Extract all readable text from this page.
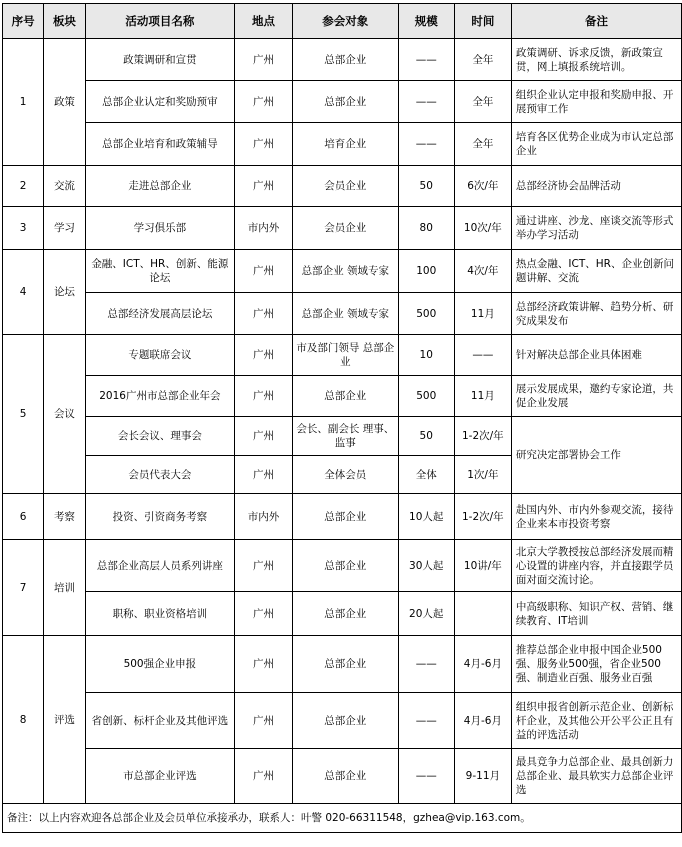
序号	板块	活动项目名称	地点	参会对象	规模	时间	备注
1	政策	政策调研和宣贯	广州	总部企业	——	全年	政策调研、诉求反馈，新政策宣贯，网上填报系统培训。
		总部企业认定和奖励预审	广州	总部企业	——	全年	组织企业认定申报和奖励申报、开展预审工作
		总部企业培育和政策辅导	广州	培育企业	——	全年	培育各区优势企业成为市认定总部企业
2	交流	走进总部企业	广州	会员企业	50	6次/年	总部经济协会品牌活动
3	学习	学习俱乐部	市内外	会员企业	80	10次/年	通过讲座、沙龙、座谈交流等形式举办学习活动
4	论坛	金融、ICT、HR、创新、能源论坛	广州	总部企业 领域专家	100	4次/年	热点金融、ICT、HR、企业创新问题讲解、交流
		总部经济发展高层论坛	广州	总部企业 领域专家	500	11月	总部经济政策讲解、趋势分析、研究成果发布
5	会议	专题联席会议	广州	市及部门领导 总部企业	10	——	针对解决总部企业具体困难
		2016广州市总部企业年会	广州	总部企业	500	11月	展示发展成果，邀约专家论道，共促企业发展
		会长会议、理事会	广州	会长、副会长 理事、监事	50	1-2次/年	研究决定部署协会工作
		会员代表大会	广州	全体会员	全体	1次/年	
6	考察	投资、引资商务考察	市内外	总部企业	10人起	1-2次/年	赴国内外、市内外参观交流，接待企业来本市投资考察
7	培训	总部企业高层人员系列讲座	广州	总部企业	30人起	10讲/年	北京大学教授按总部经济发展而精心设置的讲座内容，并直接跟学员面对面交流讨论。
		职称、职业资格培训	广州	总部企业	20人起		中高级职称、知识产权、营销、继续教育、IT培训
8	评选	500强企业申报	广州	总部企业	——	4月-6月	推荐总部企业申报中国企业500强、服务业500强，省企业500强、制造业百强、服务业百强
		省创新、标杆企业及其他评选	广州	总部企业	——	4月-6月	组织申报省创新示范企业、创新标杆企业，及其他公开公平公正且有益的评选活动
		市总部企业评选	广州	总部企业	——	9-11月	最具竞争力总部企业、最具创新力总部企业、最具软实力总部企业评选
备注：以上内容欢迎各总部企业及会员单位承接承办，联系人：叶警 020-66311548，gzhea@vip.163.com。							
